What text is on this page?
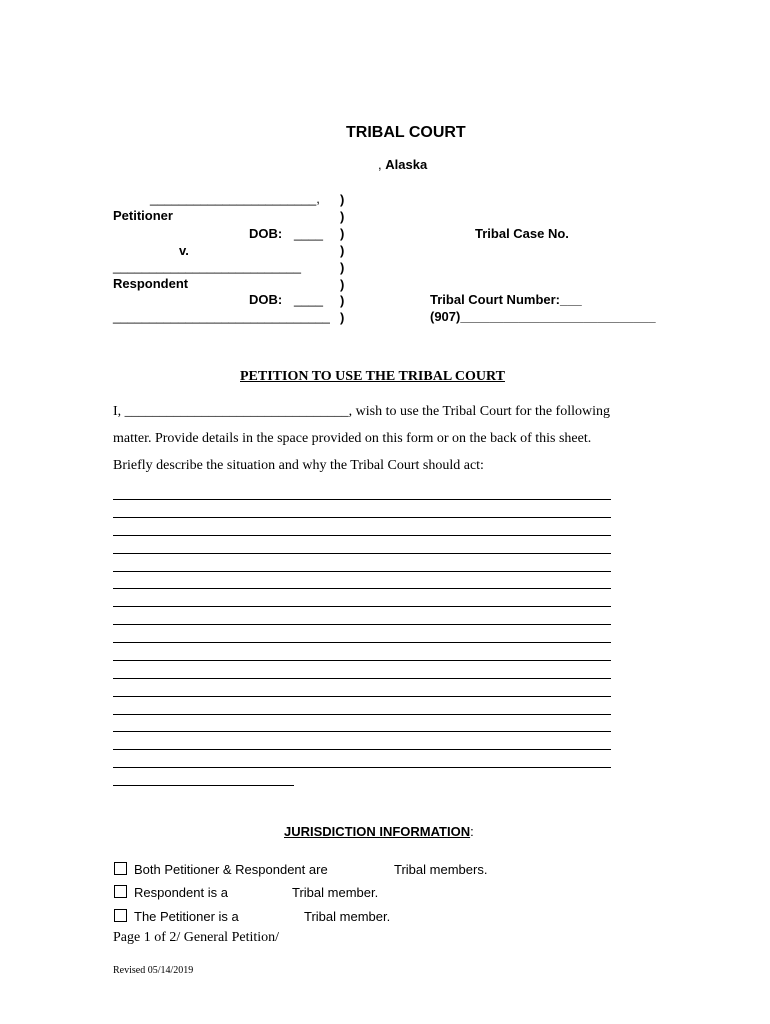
TRIBAL COURT
, Alaska
_______________________,
Petitioner
DOB: ____
v.
__________________________
Respondent
DOB: ____
______________________________
)
)
)
)
)
)
)
)
Tribal Case No.
Tribal Court Number:___
(907)___________________________
PETITION TO USE THE TRIBAL COURT
I, ________________________________, wish to use the Tribal Court for the following
matter. Provide details in the space provided on this form or on the back of this sheet.
Briefly describe the situation and why the Tribal Court should act:
JURISDICTION INFORMATION:
Both Petitioner & Respondent are	Tribal members.
Respondent is a	Tribal member.
The Petitioner is a	Tribal member.
Page 1 of 2/ General Petition/
Revised 05/14/2019
